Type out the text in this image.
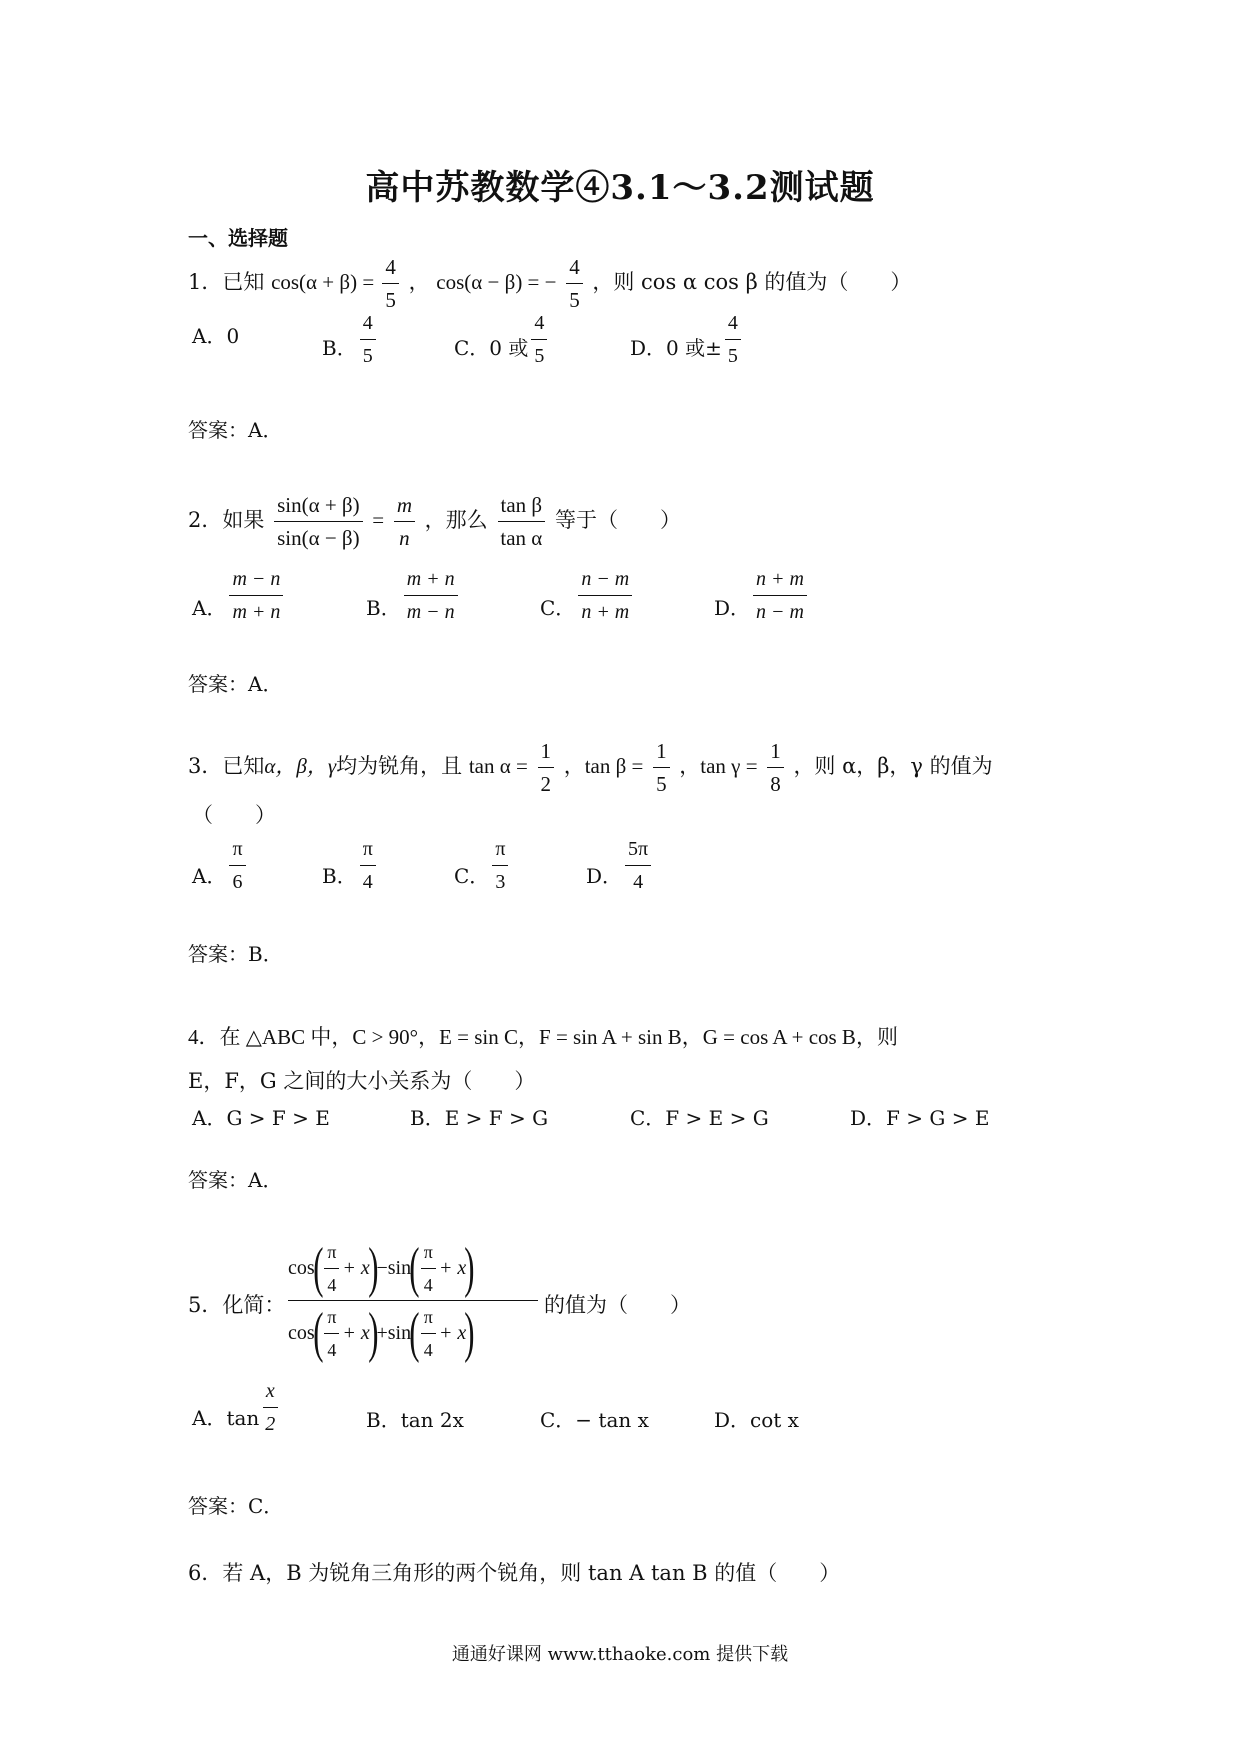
高中苏教数学④3.1～3.2测试题
一、选择题
1．已知 $\cos(\alpha + \beta) = \frac{4}{5}$ ， cos(α − β) = − $\frac{4}{5}$ ，则 cos α cos β 的值为（　　）
A．0	B． $\frac{4}{5}$	C．0 或 $\frac{4}{5}$	D．0 或± $\frac{4}{5}$
答案：A．
2．如果 $\frac{\sin(\alpha + \beta)}{\sin(\alpha - \beta)} = \frac{m}{n}$ ，那么 $\frac{\text{tan β}}{\text{tan α}}$ 等于（　　）
A． $\frac{m - n}{m + n}$	B． $\frac{m + n}{m - n}$	C． $\frac{n - m}{n + m}$	D． $\frac{n + m}{n - m}$
答案：A．
3．已知α，β，γ均为锐角，且 $\tan \alpha = \frac{1}{2}$ ，$\tan \beta = \frac{1}{5}$ ，$\tan \gamma = \frac{1}{8}$ ，则 α，β，γ 的值为
（　　）
A． $\frac{\pi}{6}$	B． $\frac{\pi}{4}$	C． $\frac{\pi}{3}$	D． $\frac{5\pi}{4}$
答案：B．
4．在 △ABC 中，C > 90°，E = sin C，F = sin A + sin B，G = cos A + cos B，则
E，F，G 之间的大小关系为（　　）
A．G > F > E	B．E > F > G	C．F > E > G	D．F > G > E
答案：A．
5．化简：
cos
( $\frac{\pi}{4} + x$
)
− sin
( $\frac{\pi}{4} + x$
)
cos
( $\frac{\pi}{4} + x$
)
+ sin
( $\frac{\pi}{4} + x$
)	的值为（　　）
A．$\tan \frac{x}{2}$	B．tan 2x	C．− tan x	D．cot x
答案：C．
6．若 A，B 为锐角三角形的两个锐角，则 tan A tan B 的值（　　）
通通好课网 www.tthaoke.com 提供下载
